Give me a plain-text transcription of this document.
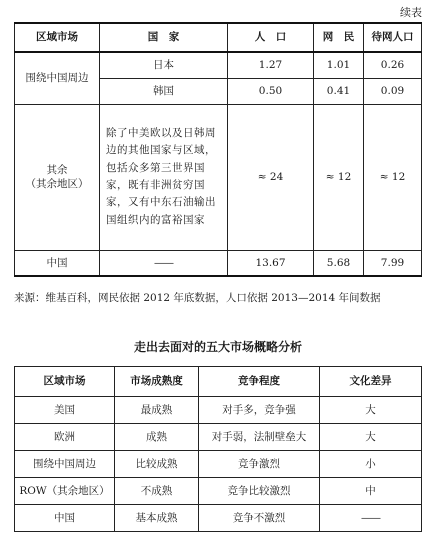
续表
区域市场	国　家	人　口	网　民	待网人口
围绕中国周边	日本	1.27	1.01	0.26
	韩国	0.50	0.41	0.09

其余
（其余地区）	除了中美欧以及日韩周边的其他国家与区域，包括众多第三世界国家，既有非洲贫穷国家，又有中东石油输出国组织内的富裕国家	≈ 24	≈ 12	≈ 12
中国	——	13.67	5.68	7.99
来源：维基百科，网民依据 2012 年底数据，人口依据 2013—2014 年间数据
走出去面对的五大市场概略分析
区域市场	市场成熟度	竞争程度	文化差异
美国	最成熟	对手多，竞争强	大
欧洲	成熟	对手弱，法制壁垒大	大
围绕中国周边	比较成熟	竞争激烈	小
ROW（其余地区）	不成熟	竞争比较激烈	中
中国	基本成熟	竞争不激烈	——
